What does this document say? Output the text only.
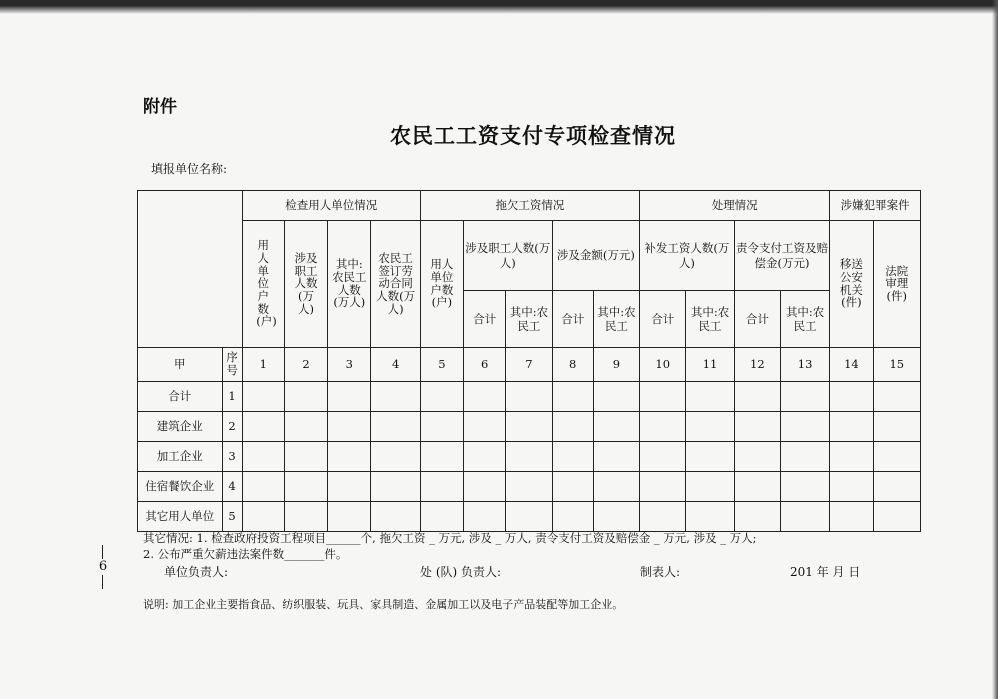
附件
农民工工资支付专项检查情况
填报单位名称:
		检查用人单位情况				拖欠工资情况					处理情况				涉嫌犯罪案件	
		用人单位户数(户)	涉及职工人数(万人)	其中:农民工人数(万人)	农民工签订劳动合同人数(万人)	用人单位户数(户)	涉及职工人数(万人)		涉及金额(万元)		补发工资人数(万人)		责令支付工资及赔偿金(万元)		移送公安机关(件)	法院审理(件)
							合计	其中:农民工	合计	其中:农民工	合计	其中:农民工	合计	其中:农民工		
甲	序号	1	2	3	4	5	6	7	8	9	10	11	12	13	14	15
合计	1															
建筑企业	2															
加工企业	3															
住宿餐饮企业	4															
其它用人单位	5															
其它情况: 1. 检查政府投资工程项目______个, 拖欠工资 _ 万元, 涉及 _ 万人, 责令支付工资及赔偿金 _ 万元, 涉及 _ 万人;
2. 公布严重欠薪违法案件数_______件。
单位负责人:	处 (队) 负责人:	制表人:	201 年 月 日
说明: 加工企业主要指食品、纺织服装、玩具、家具制造、金属加工以及电子产品装配等加工企业。
6
